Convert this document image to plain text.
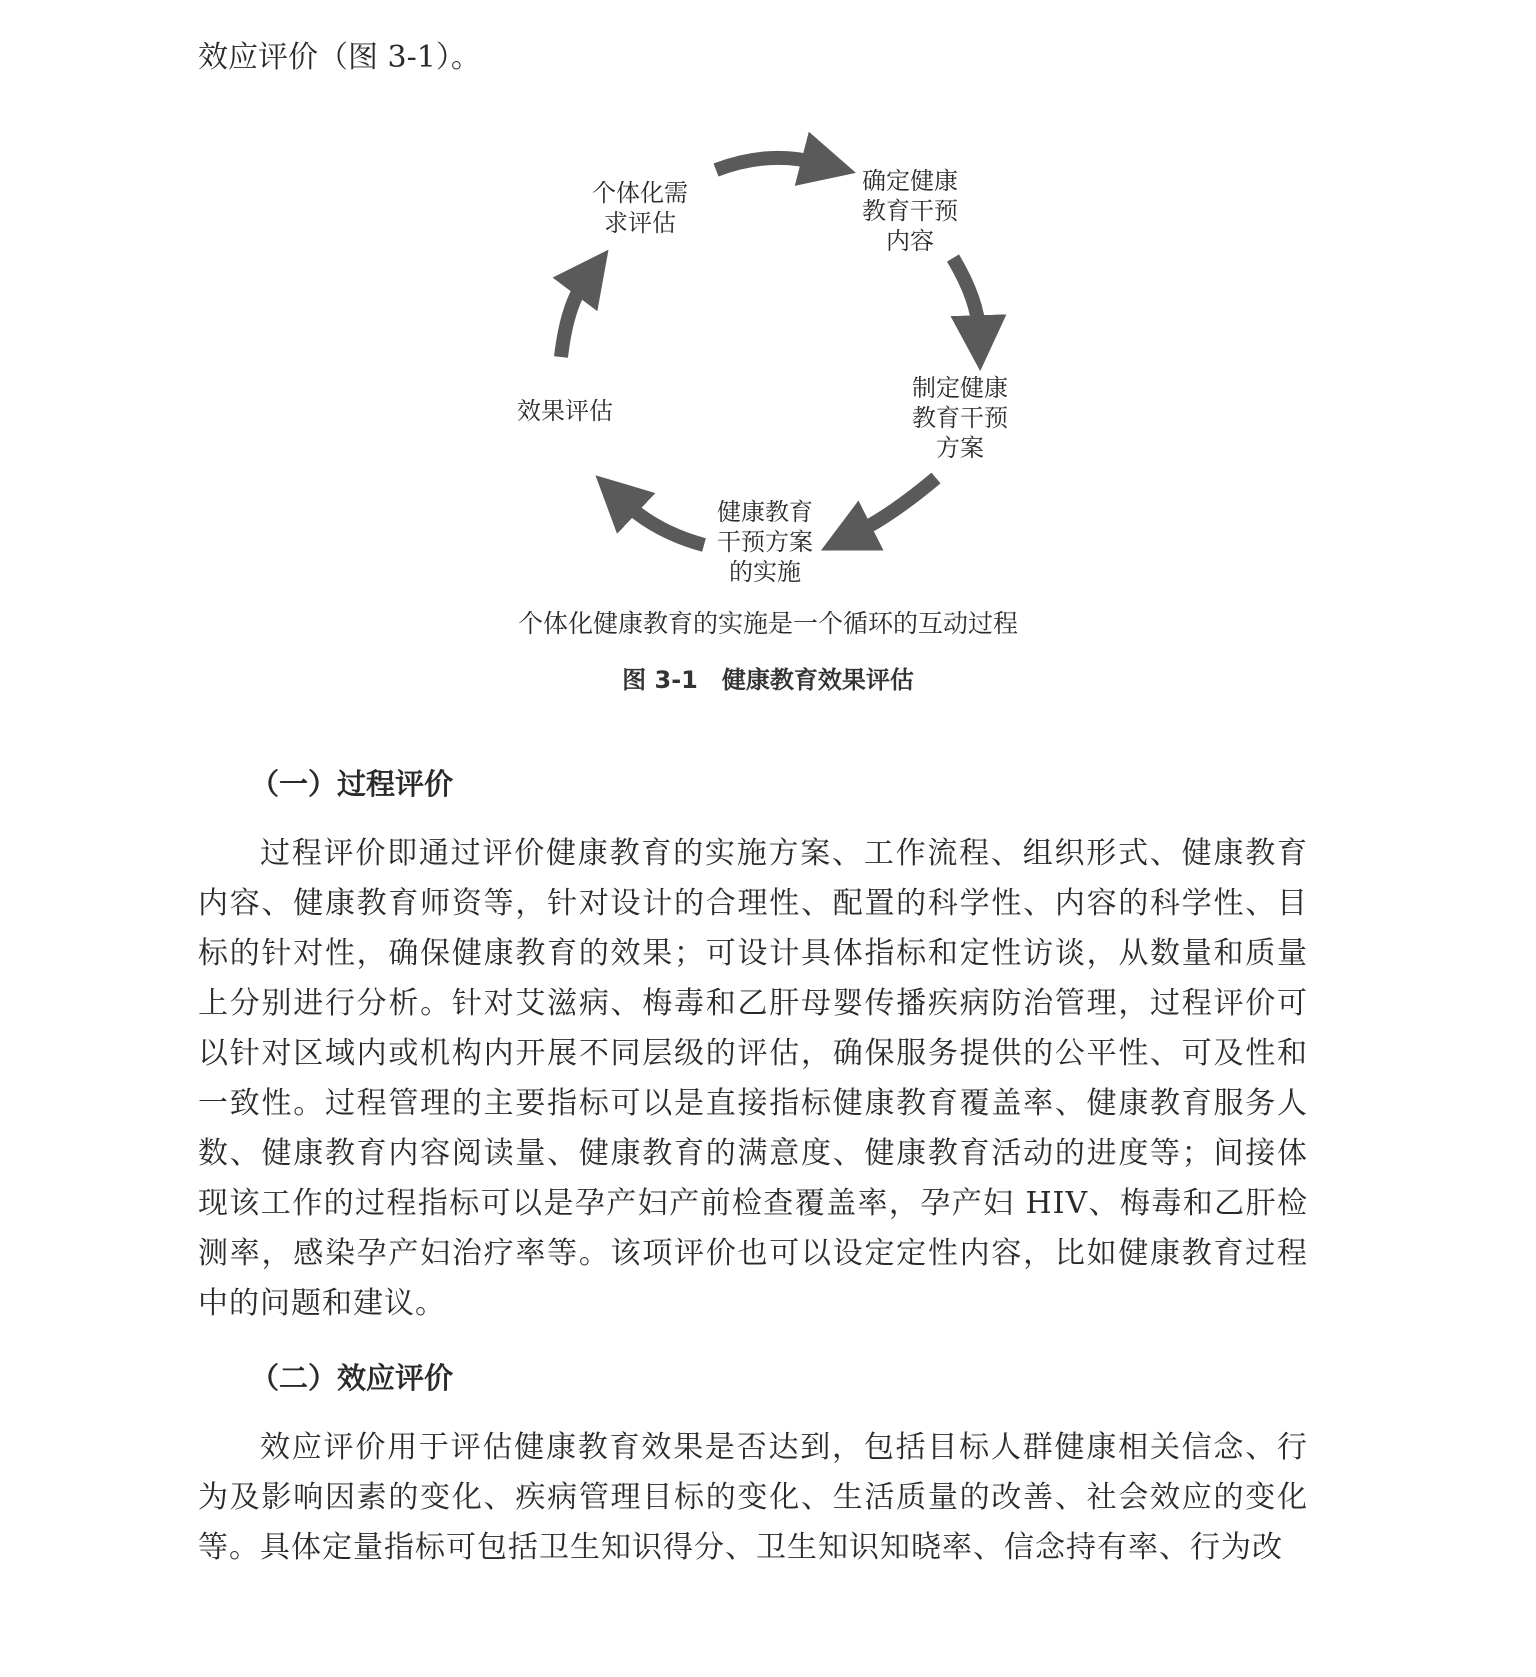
效应评价（图 3-1）。

个体化需
求评估
确定健康
教育干预
内容
制定健康
教育干预
方案
健康教育
干预方案
的实施
效果评估
个体化健康教育的实施是一个循环的互动过程
图 3-1　健康教育效果评估
（一）过程评价

过程评价即通过评价健康教育的实施方案、工作流程、组织形式、健康教育内容、健康教育师资等，针对设计的合理性、配置的科学性、内容的科学性、目标的针对性，确保健康教育的效果；可设计具体指标和定性访谈，从数量和质量上分别进行分析。针对艾滋病、梅毒和乙肝母婴传播疾病防治管理，过程评价可以针对区域内或机构内开展不同层级的评估，确保服务提供的公平性、可及性和一致性。过程管理的主要指标可以是直接指标健康教育覆盖率、健康教育服务人数、健康教育内容阅读量、健康教育的满意度、健康教育活动的进度等；间接体现该工作的过程指标可以是孕产妇产前检查覆盖率，孕产妇 HIV、梅毒和乙肝检测率，感染孕产妇治疗率等。该项评价也可以设定定性内容，比如健康教育过程中的问题和建议。

（二）效应评价

效应评价用于评估健康教育效果是否达到，包括目标人群健康相关信念、行为及影响因素的变化、疾病管理目标的变化、生活质量的改善、社会效应的变化等。具体定量指标可包括卫生知识得分、卫生知识知晓率、信念持有率、行为改
